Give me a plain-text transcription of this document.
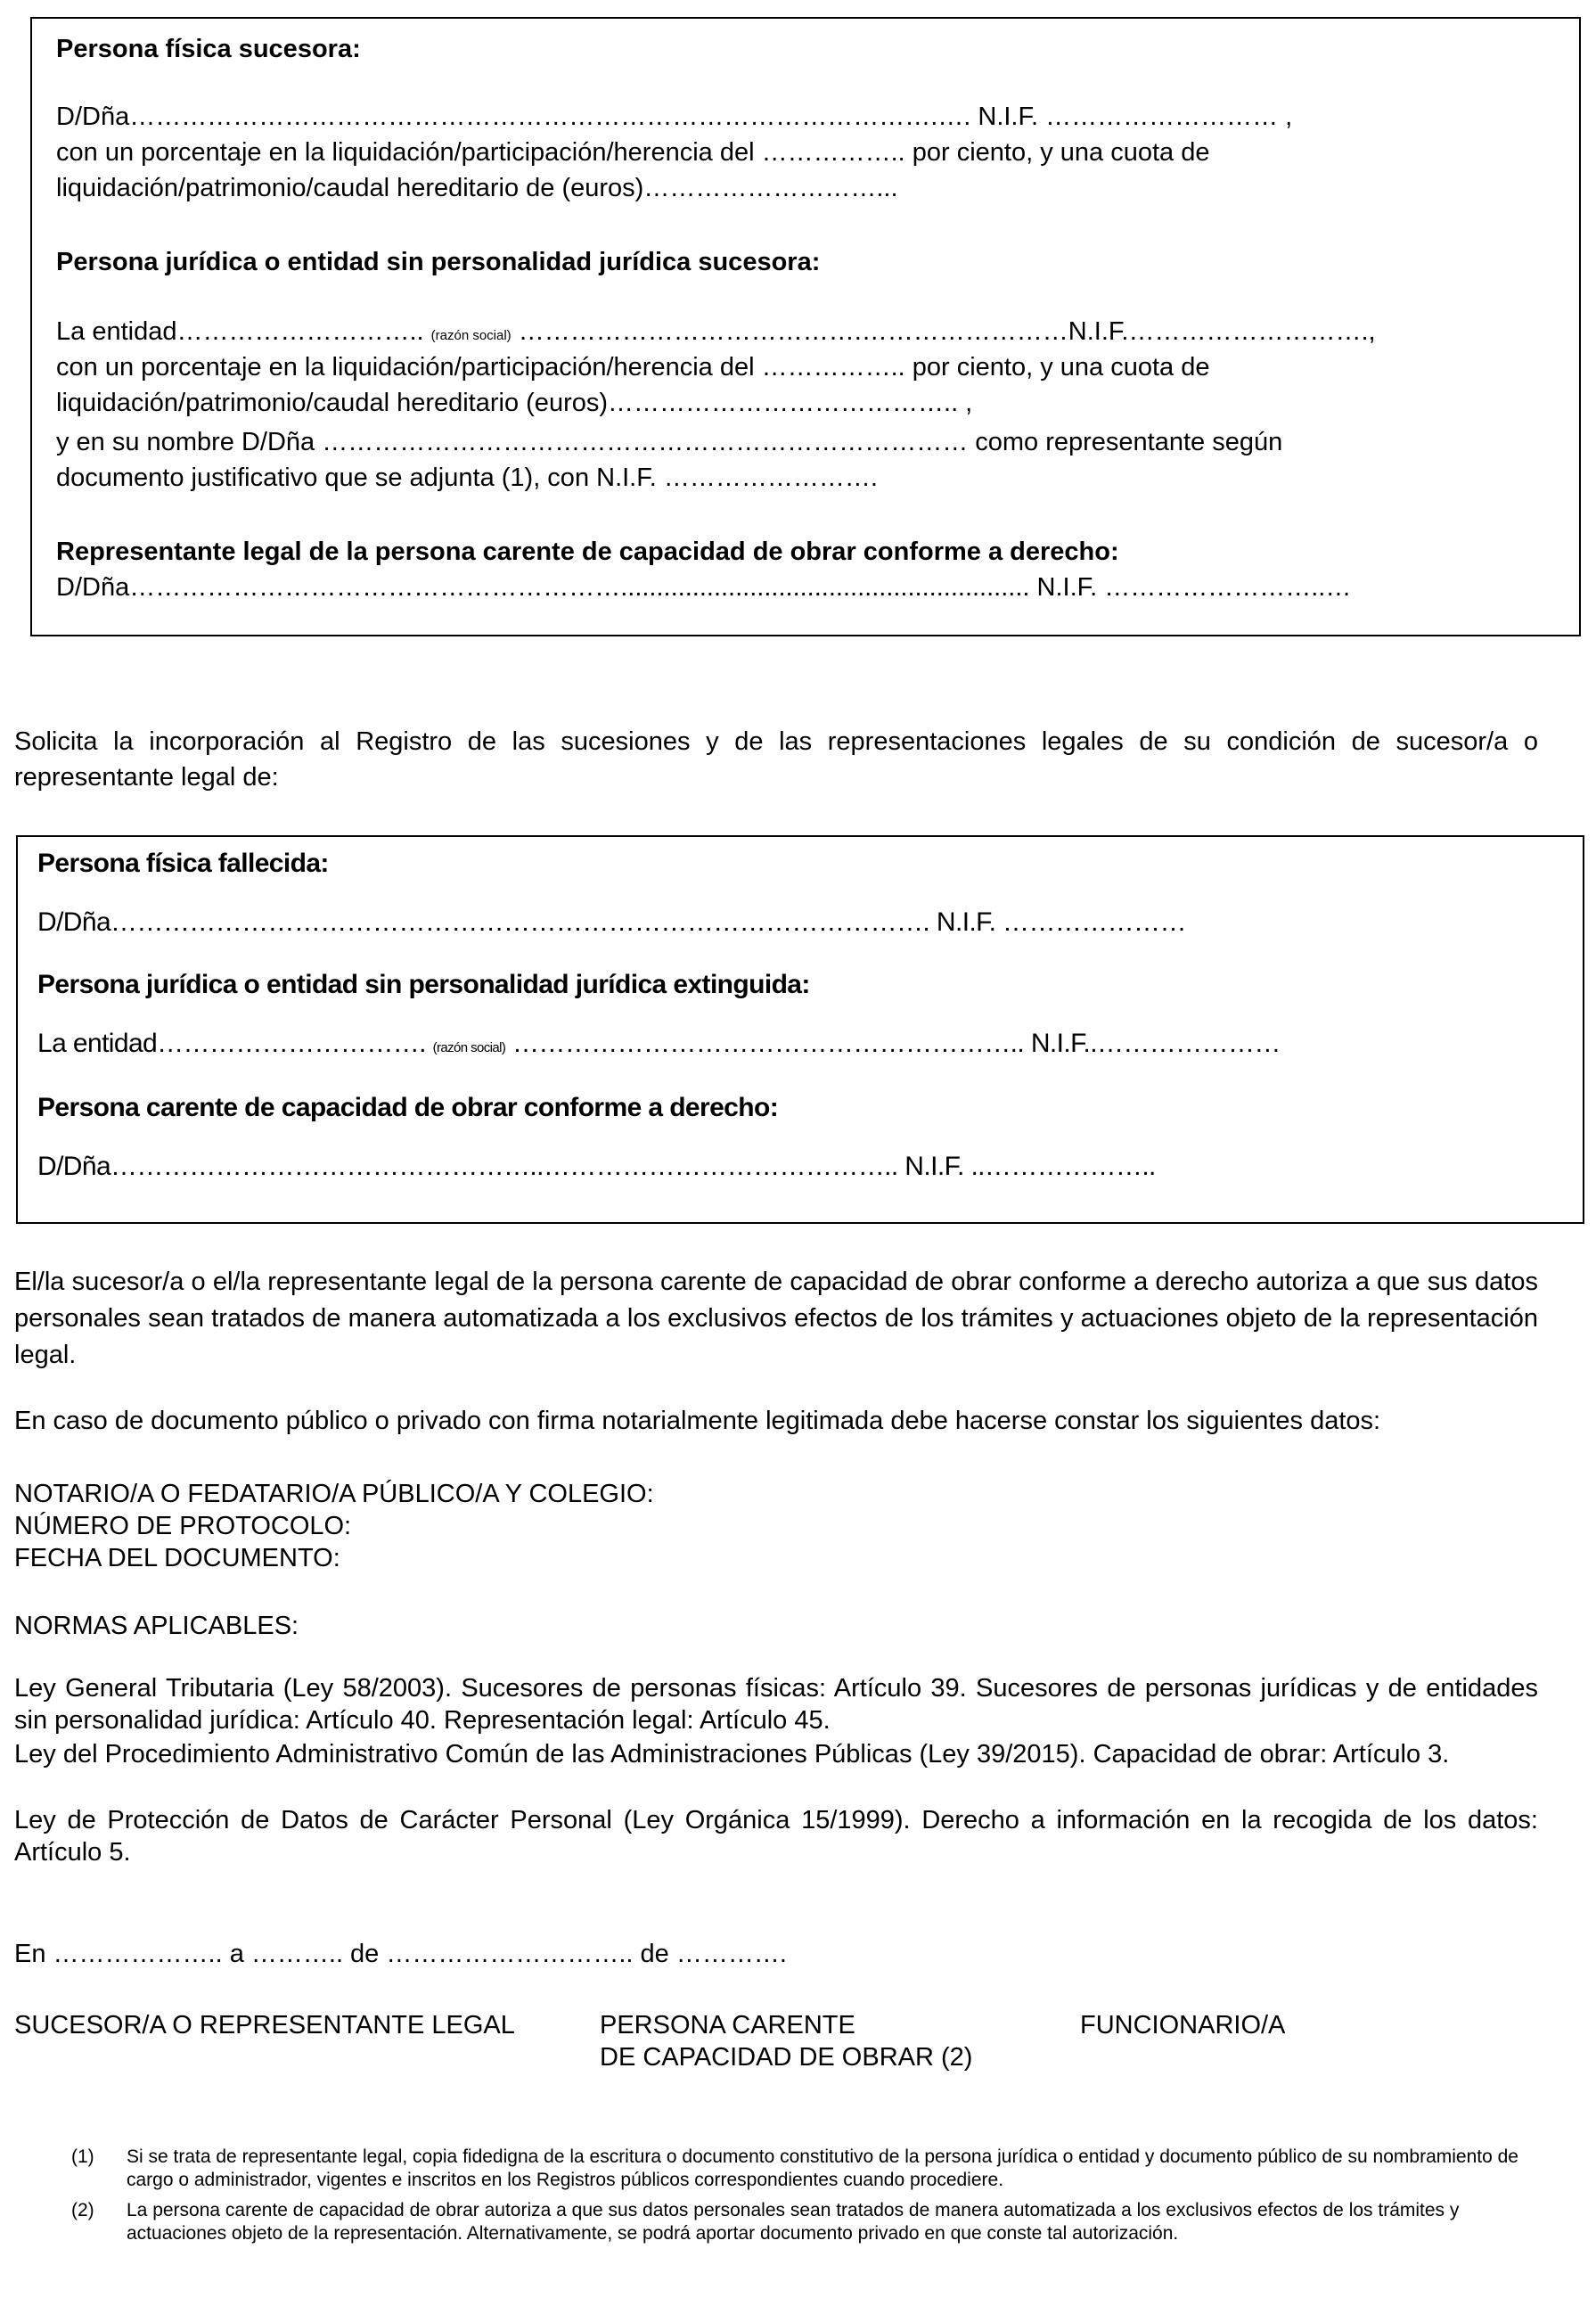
Persona física sucesora:
D/Dña………………………………………………………………………………….…. N.I.F. ……………………… ,
con un porcentaje en la liquidación/participación/herencia del …………….. por ciento, y una cuota de
liquidación/patrimonio/caudal hereditario de (euros)………………………...
Persona jurídica o entidad sin personalidad jurídica sucesora:
La entidad……………………….. (razón social) ………………………………….……………………N.I.F.……………………….,
con un porcentaje en la liquidación/participación/herencia del …………….. por ciento, y una cuota de
liquidación/patrimonio/caudal hereditario (euros)………………………………….. ,
y en su nombre D/Dña ………………………………………………………………… como representante según
documento justificativo que se adjunta (1), con N.I.F. …………………….
Representante legal de la persona carente de capacidad de obrar conforme a derecho:
D/Dña…………………………………………………......................................................... N.I.F. ……………………..…
Solicita la incorporación al Registro de las sucesiones y de las representaciones legales de su condición de sucesor/a o representante legal de:
Persona física fallecida:
D/Dña…………………………………………………………………………………. N.I.F. …………………
Persona jurídica o entidad sin personalidad jurídica extinguida:
La entidad…………………………. (razón social) ………………………………………………….. N.I.F..…………………
Persona carente de capacidad de obrar conforme a derecho:
D/Dña…………………………………………..………………………………….. N.I.F. ..………………..
El/la sucesor/a o el/la representante legal de la persona carente de capacidad de obrar conforme a derecho autoriza a que sus datos personales sean tratados de manera automatizada a los exclusivos efectos de los trámites y actuaciones objeto de la representación legal.
En caso de documento público o privado con firma notarialmente legitimada debe hacerse constar los siguientes datos:
NOTARIO/A O FEDATARIO/A PÚBLICO/A Y COLEGIO:
NÚMERO DE PROTOCOLO:
FECHA DEL DOCUMENTO:
NORMAS APLICABLES:
Ley General Tributaria (Ley 58/2003). Sucesores de personas físicas: Artículo 39. Sucesores de personas jurídicas y de entidades sin personalidad jurídica: Artículo 40. Representación legal: Artículo 45.
Ley del Procedimiento Administrativo Común de las Administraciones Públicas (Ley 39/2015). Capacidad de obrar: Artículo 3.
Ley de Protección de Datos de Carácter Personal (Ley Orgánica 15/1999). Derecho a información en la recogida de los datos: Artículo 5.
En ……………….. a ……….. de ……………………….. de ………….
SUCESOR/A O REPRESENTANTE LEGAL	PERSONA CARENTE
DE CAPACIDAD DE OBRAR (2)
FUNCIONARIO/A
(1) Si se trata de representante legal, copia fidedigna de la escritura o documento constitutivo de la persona jurídica o entidad y documento público de su nombramiento de cargo o administrador, vigentes e inscritos en los Registros públicos correspondientes cuando procediere.
(2) La persona carente de capacidad de obrar autoriza a que sus datos personales sean tratados de manera automatizada a los exclusivos efectos de los trámites y actuaciones objeto de la representación. Alternativamente, se podrá aportar documento privado en que conste tal autorización.
